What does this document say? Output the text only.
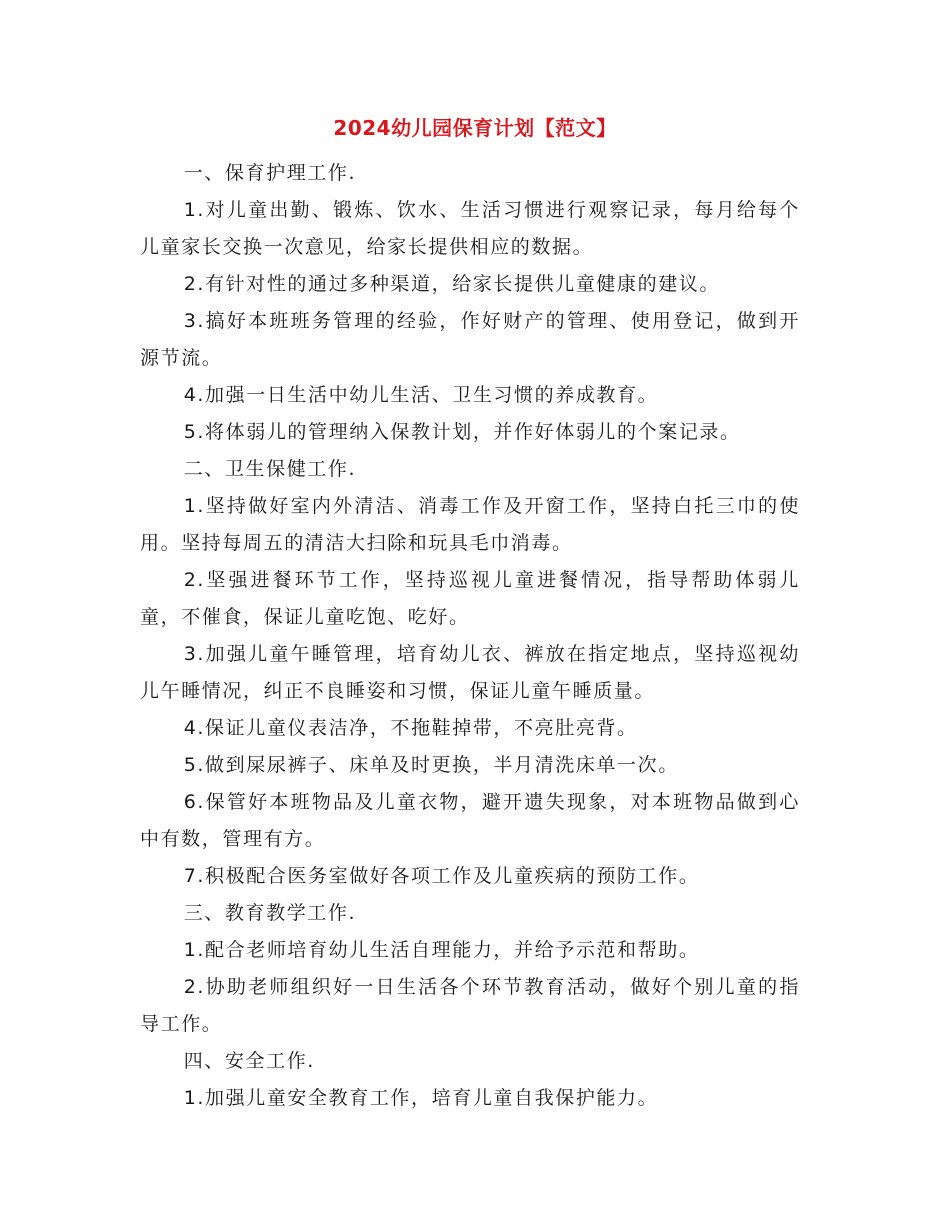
2024幼儿园保育计划【范文】

一、保育护理工作.

1.对儿童出勤、锻炼、饮水、生活习惯进行观察记录，每月给每个儿童家长交换一次意见，给家长提供相应的数据。

2.有针对性的通过多种渠道，给家长提供儿童健康的建议。

3.搞好本班班务管理的经验，作好财产的管理、使用登记，做到开源节流。

4.加强一日生活中幼儿生活、卫生习惯的养成教育。

5.将体弱儿的管理纳入保教计划，并作好体弱儿的个案记录。

二、卫生保健工作.

1.坚持做好室内外清洁、消毒工作及开窗工作，坚持白托三巾的使用。坚持每周五的清洁大扫除和玩具毛巾消毒。

2.坚强进餐环节工作，坚持巡视儿童进餐情况，指导帮助体弱儿童，不催食，保证儿童吃饱、吃好。

3.加强儿童午睡管理，培育幼儿衣、裤放在指定地点，坚持巡视幼儿午睡情况，纠正不良睡姿和习惯，保证儿童午睡质量。

4.保证儿童仪表洁净，不拖鞋掉带，不亮肚亮背。

5.做到屎尿裤子、床单及时更换，半月清洗床单一次。

6.保管好本班物品及儿童衣物，避开遗失现象，对本班物品做到心中有数，管理有方。

7.积极配合医务室做好各项工作及儿童疾病的预防工作。

三、教育教学工作.

1.配合老师培育幼儿生活自理能力，并给予示范和帮助。

2.协助老师组织好一日生活各个环节教育活动，做好个别儿童的指导工作。

四、安全工作.

1.加强儿童安全教育工作，培育儿童自我保护能力。
